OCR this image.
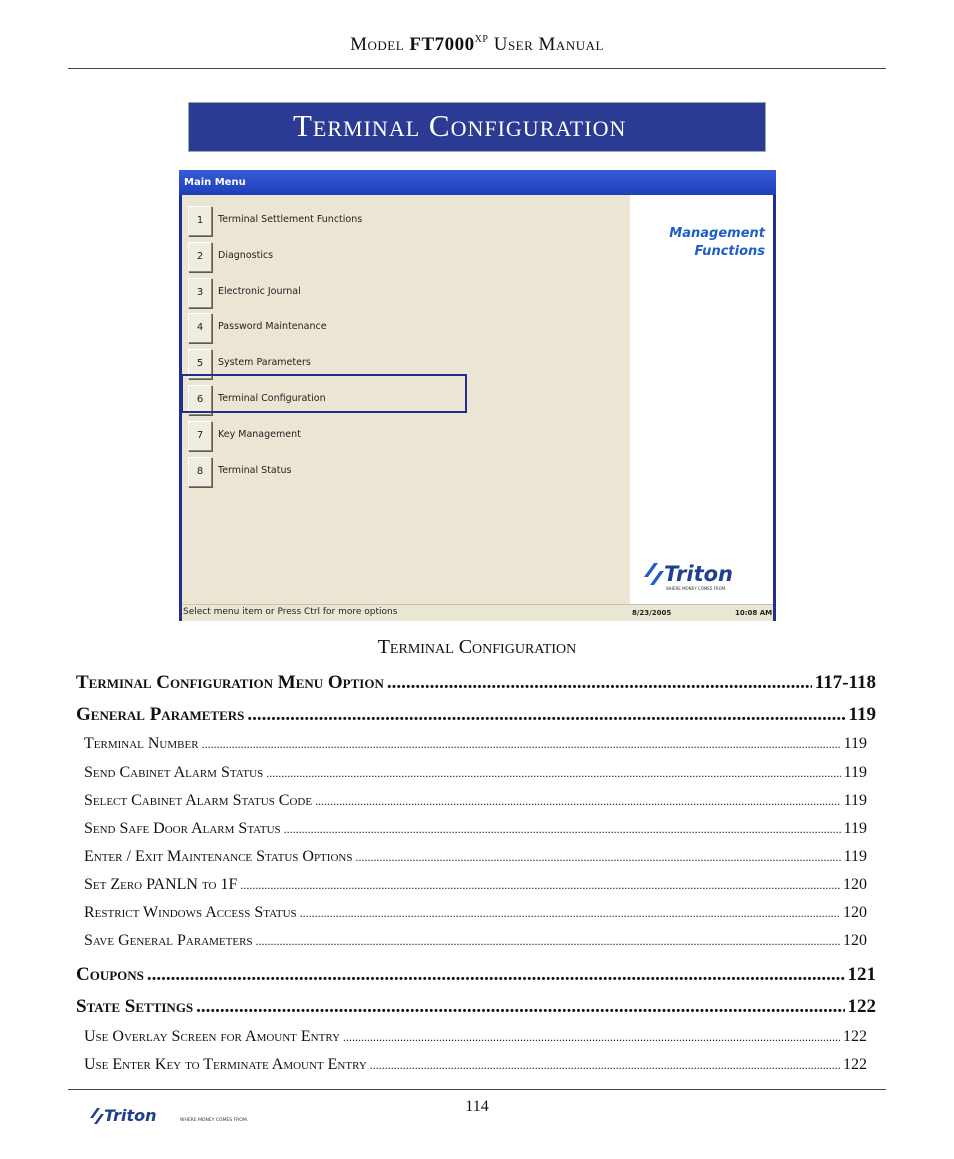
Model $FT7000^{XP}$ User Manual
Terminal Configuration
Main Menu
1	Terminal Settlement Functions
2	Diagnostics
3	Electronic Journal
4	Password Maintenance
5	System Parameters
6	Terminal Configuration
7	Key Management
8	Terminal Status
Management
Functions
Triton
WHERE MONEY COMES FROM.
Select menu item or Press Ctrl for more options	8/23/2005	10:08 AM
Terminal Configuration
Terminal Configuration Menu Option .....	117-118
General Parameters .....	119
Terminal Number .....	119
Send Cabinet Alarm Status .....	119
Select Cabinet Alarm Status Code .....	119
Send Safe Door Alarm Status .....	119
Enter / Exit Maintenance Status Options .....	119
Set Zero PANLN to 1F .....	120
Restrict Windows Access Status .....	120
Save General Parameters .....	120
Coupons .....	121
State Settings .....	122
Use Overlay Screen for Amount Entry .....	122
Use Enter Key to Terminate Amount Entry .....	122
114
Triton	WHERE MONEY COMES FROM.
